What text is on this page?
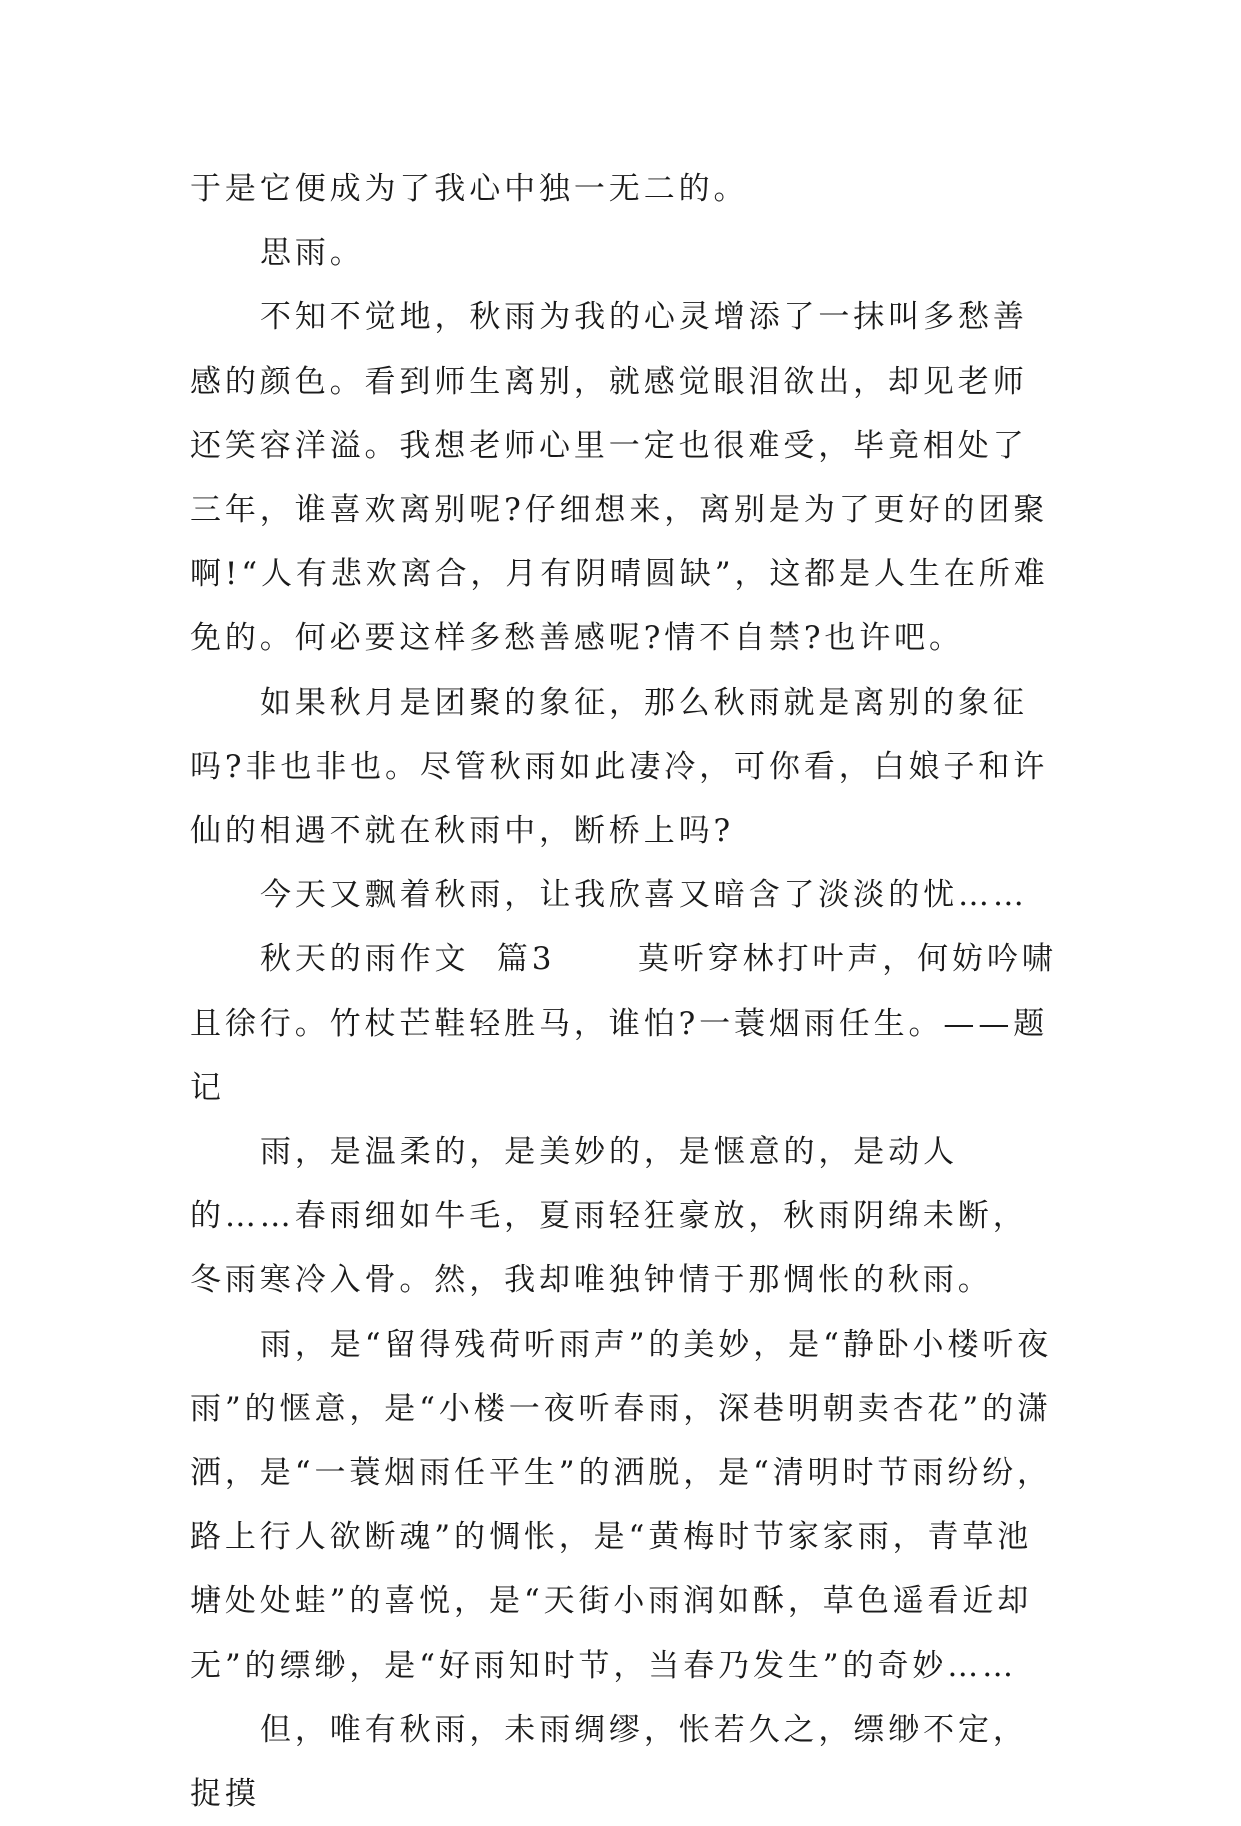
于是它便成为了我心中独一无二的。

思雨。

不知不觉地，秋雨为我的心灵增添了一抹叫多愁善感的颜色。看到师生离别，就感觉眼泪欲出，却见老师还笑容洋溢。我想老师心里一定也很难受，毕竟相处了三年，谁喜欢离别呢?仔细想来，离别是为了更好的团聚啊!“人有悲欢离合，月有阴晴圆缺”，这都是人生在所难免的。何必要这样多愁善感呢?情不自禁?也许吧。

如果秋月是团聚的象征，那么秋雨就是离别的象征吗?非也非也。尽管秋雨如此凄冷，可你看，白娘子和许仙的相遇不就在秋雨中，断桥上吗?

今天又飘着秋雨，让我欣喜又暗含了淡淡的忧……

秋天的雨作文  篇3      莫听穿林打叶声，何妨吟啸且徐行。竹杖芒鞋轻胜马，谁怕?一蓑烟雨任生。——题记

雨，是温柔的，是美妙的，是惬意的，是动人的……春雨细如牛毛，夏雨轻狂豪放，秋雨阴绵未断，冬雨寒冷入骨。然，我却唯独钟情于那惆怅的秋雨。

雨，是“留得残荷听雨声”的美妙，是“静卧小楼听夜雨”的惬意，是“小楼一夜听春雨，深巷明朝卖杏花”的潇洒，是“一蓑烟雨任平生”的洒脱，是“清明时节雨纷纷，路上行人欲断魂”的惆怅，是“黄梅时节家家雨，青草池塘处处蛙”的喜悦，是“天街小雨润如酥，草色遥看近却无”的缥缈，是“好雨知时节，当春乃发生”的奇妙……

但，唯有秋雨，未雨绸缪，怅若久之，缥缈不定，捉摸
